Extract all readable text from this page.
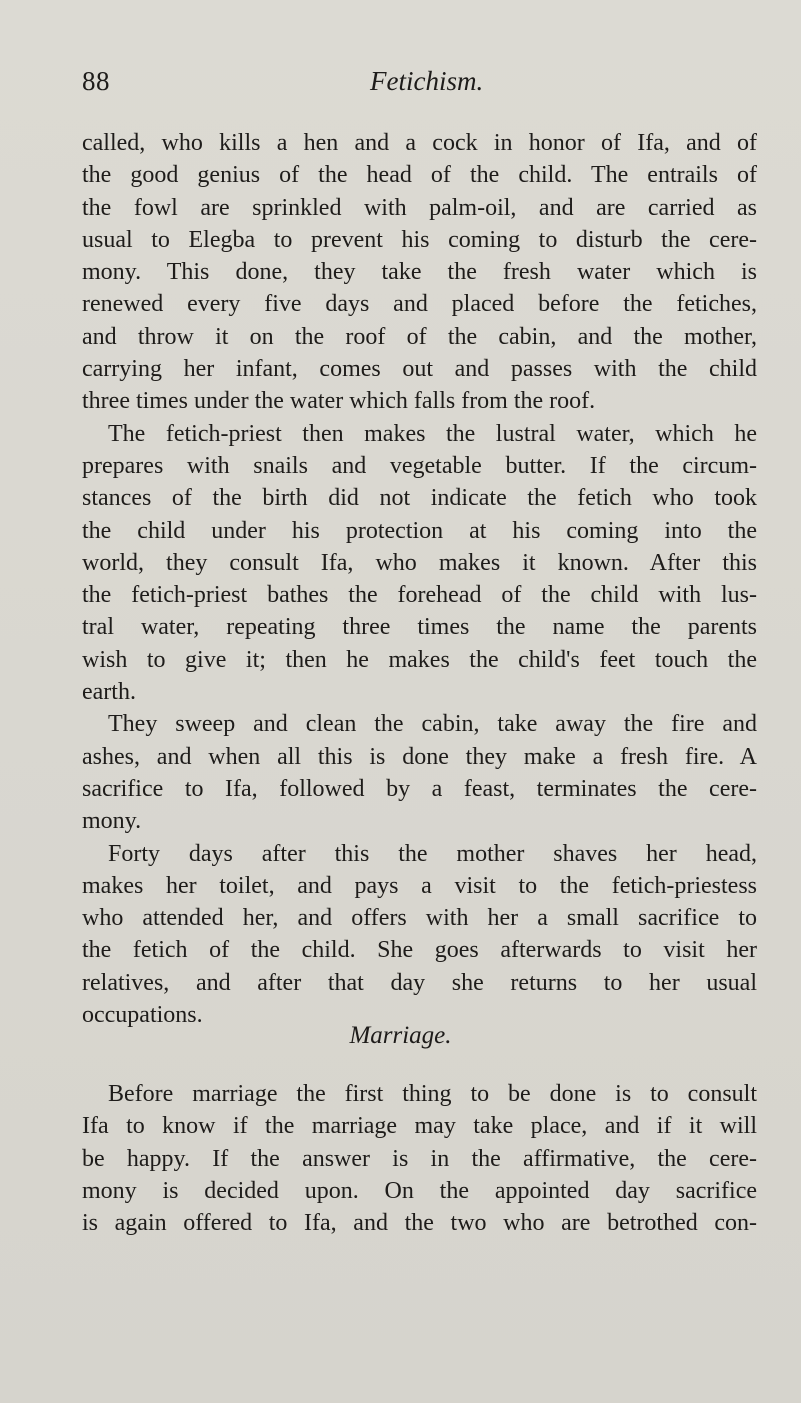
88	Fetichism.
called, who kills a hen and a cock in honor of Ifa, and of
the good genius of the head of the child. The entrails of
the fowl are sprinkled with palm-oil, and are carried as
usual to Elegba to prevent his coming to disturb the cere-
mony. This done, they take the fresh water which is
renewed every five days and placed before the fetiches,
and throw it on the roof of the cabin, and the mother,
carrying her infant, comes out and passes with the child
three times under the water which falls from the roof.
The fetich-priest then makes the lustral water, which he
prepares with snails and vegetable butter. If the circum-
stances of the birth did not indicate the fetich who took
the child under his protection at his coming into the
world, they consult Ifa, who makes it known. After this
the fetich-priest bathes the forehead of the child with lus-
tral water, repeating three times the name the parents
wish to give it; then he makes the child's feet touch the
earth.
They sweep and clean the cabin, take away the fire and
ashes, and when all this is done they make a fresh fire. A
sacrifice to Ifa, followed by a feast, terminates the cere-
mony.
Forty days after this the mother shaves her head,
makes her toilet, and pays a visit to the fetich-priestess
who attended her, and offers with her a small sacrifice to
the fetich of the child. She goes afterwards to visit her
relatives, and after that day she returns to her usual
occupations.
Marriage.
Before marriage the first thing to be done is to consult
Ifa to know if the marriage may take place, and if it will
be happy. If the answer is in the affirmative, the cere-
mony is decided upon. On the appointed day sacrifice
is again offered to Ifa, and the two who are betrothed con-
